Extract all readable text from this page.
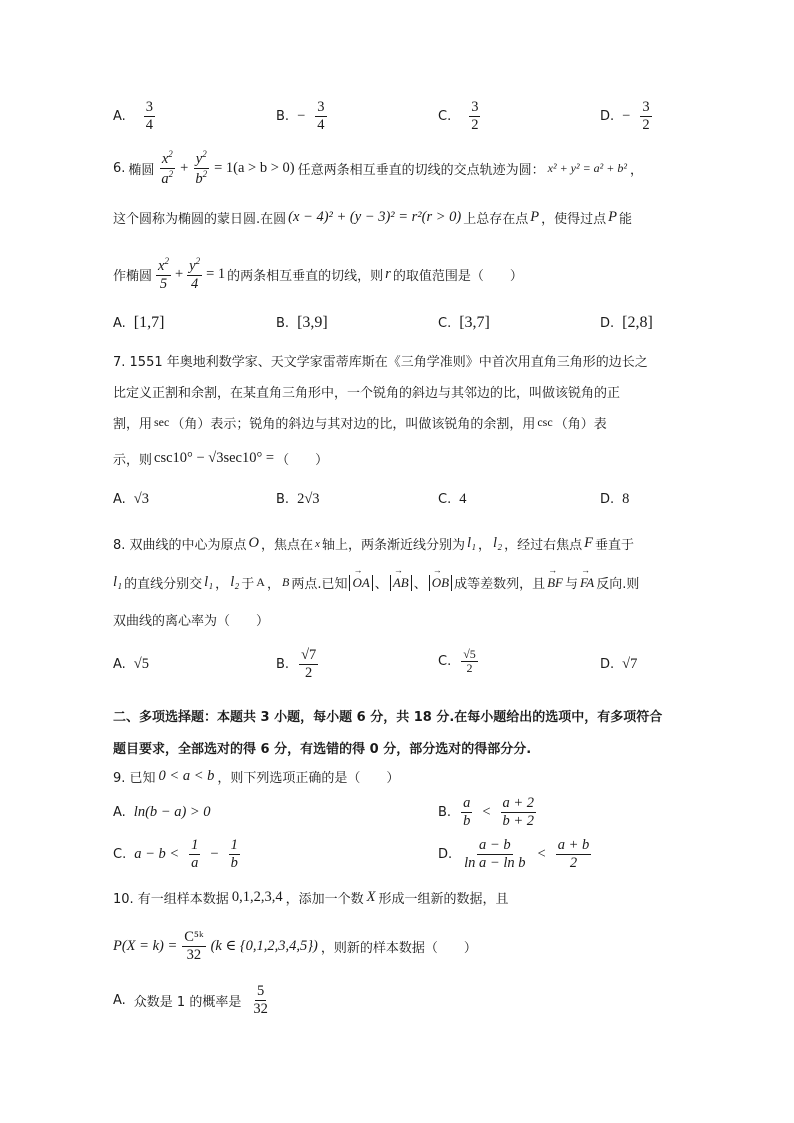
A. $\frac{3}{4}$	B. − $\frac{3}{4}$	C. $\frac{3}{2}$	D. − $\frac{3}{2}$
6. 椭圆 $\frac{x^2}{a^2} + \frac{y^2}{b^2} = 1(a > b > 0)$ 任意两条相互垂直的切线的交点轨迹为圆： x² + y² = a² + b² ，
这个圆称为椭圆的蒙日圆.在圆 (x − 4)² + (y − 3)² = r²(r > 0) 上总存在点 P ，使得过点 P 能
作椭圆 $\frac{x^2}{5} + \frac{y^2}{4} = 1$ 的两条相互垂直的切线，则 r 的取值范围是（　　）
A. [1,7]	B. [3,9]	C. [3,7]	D. [2,8]
7. 1551 年奥地利数学家、天文学家雷蒂库斯在《三角学准则》中首次用直角三角形的边长之
比定义正割和余割，在某直角三角形中，一个锐角的斜边与其邻边的比，叫做该锐角的正
割，用 sec （角）表示；锐角的斜边与其对边的比，叫做该锐角的余割，用 csc （角）表
示，则 csc10° − √3sec10° = （　　）
A. √3	B. 2√3	C. 4	D. 8
8. 双曲线的中心为原点 O ，焦点在 x 轴上，两条渐近线分别为 l₁ ， l₂ ，经过右焦点 F 垂直于
l₁ 的直线分别交 l₁ ， l₂ 于 A ， B 两点.已知 → OA 、 → AB 、 → OB 成等差数列，且 → BF 与 → FA 反向.则
双曲线的离心率为（　　）
A. √5	B. $\frac{√7}{2}$	C. $\frac{√5}{2}$	D. √7
二、多项选择题：本题共 3 小题，每小题 6 分，共 18 分.在每小题给出的选项中，有多项符合
题目要求，全部选对的得 6 分，有选错的得 0 分，部分选对的得部分分.
9. 已知 0 < a < b ，则下列选项正确的是（　　）
A. ln(b − a) > 0	B. $\frac{a}{b} < \frac{a + 2}{b + 2}$
C. $a - b < \frac{1}{a} - \frac{1}{b}$	D. $\frac{a - b}{\text{ln a − ln b}} < \frac{a + b}{2}$
10. 有一组样本数据 0,1,2,3,4 ，添加一个数 X 形成一组新的数据，且
$P(X = k) = \frac{\text{C⁵ᵏ}}{32} (k$ ∈ {0,1,2,3,4,5}) ，则新的样本数据（　　）
A. 众数是 1 的概率是 $\frac{5}{32}$
